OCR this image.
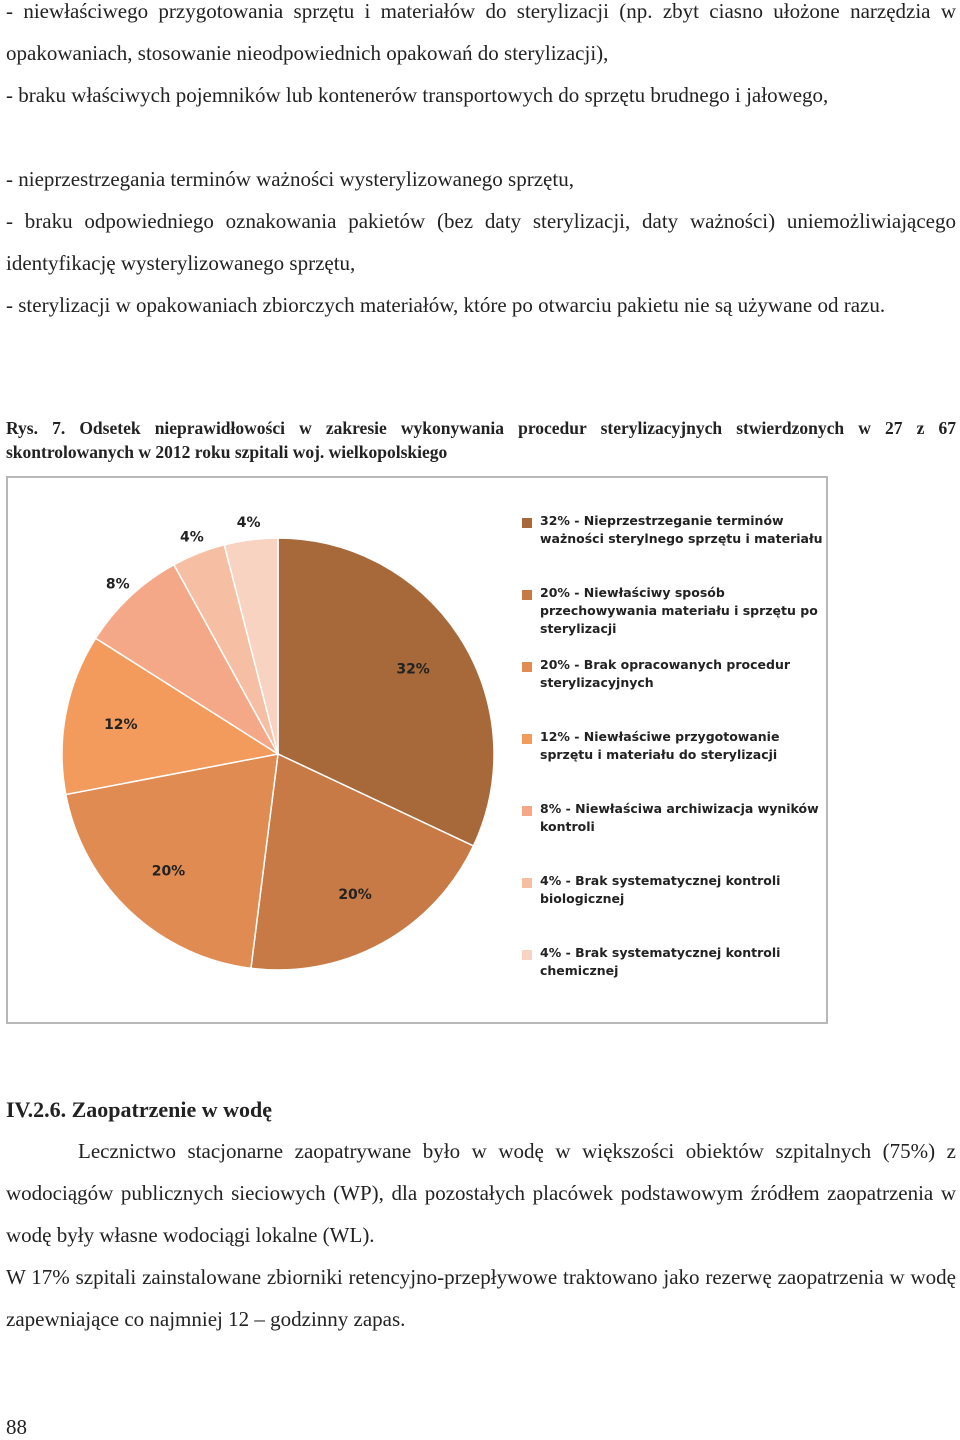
- niewłaściwego przygotowania sprzętu i materiałów do sterylizacji (np. zbyt ciasno ułożone narzędzia w opakowaniach, stosowanie nieodpowiednich opakowań do sterylizacji),

- braku właściwych pojemników lub kontenerów transportowych do sprzętu brudnego i jałowego,

- nieprzestrzegania terminów ważności wysterylizowanego sprzętu,

- braku odpowiedniego oznakowania pakietów (bez daty sterylizacji, daty ważności) uniemożliwiającego identyfikację wysterylizowanego sprzętu,

- sterylizacji w opakowaniach zbiorczych materiałów, które po otwarciu pakietu nie są używane od razu.

Rys. 7. Odsetek nieprawidłowości w zakresie wykonywania procedur sterylizacyjnych stwierdzonych w 27 z 67 skontrolowanych w 2012 roku szpitali woj. wielkopolskiego

32%
20%
20%
12%
8%
4%
4%	32% - Nieprzestrzeganie terminów ważności sterylnego sprzętu i materiału
20% - Niewłaściwy sposób przechowywania materiału i sprzętu po sterylizacji
20% - Brak opracowanych procedur sterylizacyjnych
12% - Niewłaściwe przygotowanie sprzętu i materiału do sterylizacji
8% - Niewłaściwa archiwizacja wyników kontroli
4% - Brak systematycznej kontroli biologicznej
4% - Brak systematycznej kontroli chemicznej
IV.2.6. Zaopatrzenie w wodę

Lecznictwo stacjonarne zaopatrywane było w wodę w większości obiektów szpitalnych (75%) z wodociągów publicznych sieciowych (WP), dla pozostałych placówek podstawowym źródłem zaopatrzenia w wodę były własne wodociągi lokalne (WL).

W 17% szpitali zainstalowane zbiorniki retencyjno-przepływowe traktowano jako rezerwę zaopatrzenia w wodę zapewniające co najmniej 12 – godzinny zapas.

88
